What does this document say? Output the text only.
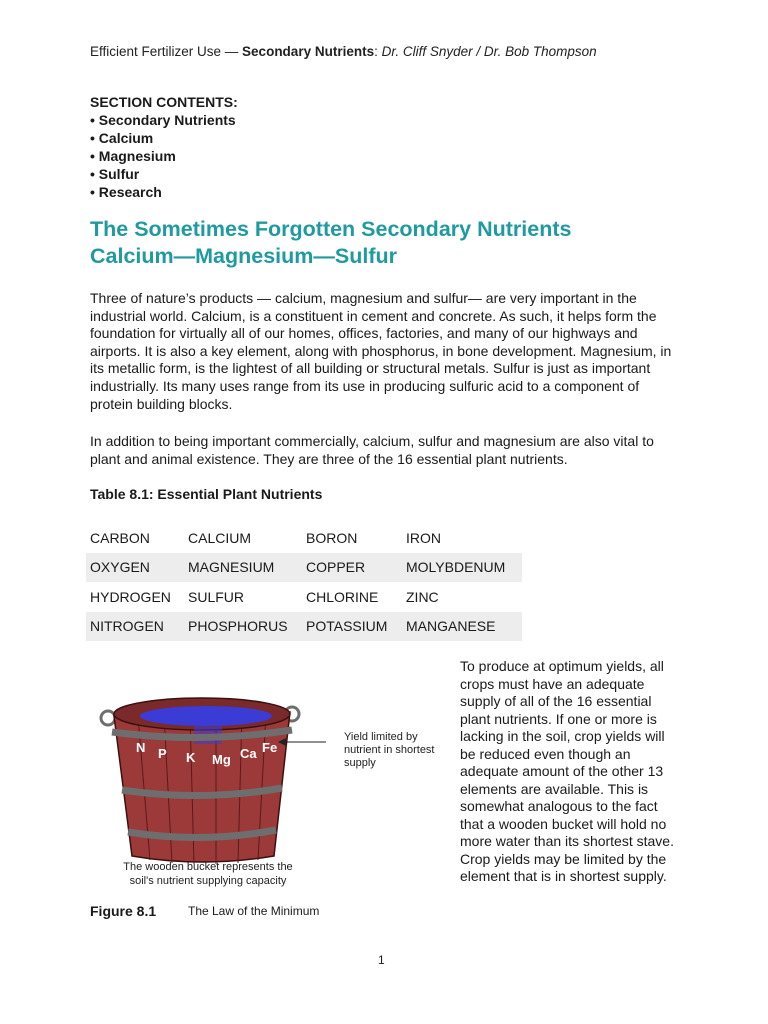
Efficient Fertilizer Use — Secondary Nutrients: Dr. Cliff Snyder / Dr. Bob Thompson
SECTION CONTENTS:
• Secondary Nutrients
• Calcium
• Magnesium
• Sulfur
• Research
The Sometimes Forgotten Secondary Nutrients
Calcium—Magnesium—Sulfur
Three of nature’s products — calcium, magnesium and sulfur— are very important in the industrial world. Calcium, is a constituent in cement and concrete. As such, it helps form the foundation for virtually all of our homes, offices, factories, and many of our highways and airports. It is also a key element, along with phosphorus, in bone development. Magnesium, in its metallic form, is the lightest of all building or structural metals. Sulfur is just as important industrially. Its many uses range from its use in producing sulfuric acid to a component of protein building blocks.
In addition to being important commercially, calcium, sulfur and magnesium are also vital to plant and animal existence. They are three of the 16 essential plant nutrients.
Table 8.1: Essential Plant Nutrients
CARBON	CALCIUM	BORON	IRON
OXYGEN	MAGNESIUM	COPPER	MOLYBDENUM
HYDROGEN	SULFUR	CHLORINE	ZINC
NITROGEN	PHOSPHORUS	POTASSIUM	MANGANESE
N P K Mg Ca Fe
Yield limited by
nutrient in shortest
supply
The wooden bucket represents the
soil's nutrient supplying capacity
To produce at optimum yields, all crops must have an adequate supply of all of the 16 essential plant nutrients. If one or more is lacking in the soil, crop yields will be reduced even though an adequate amount of the other 13 elements are available. This is somewhat analogous to the fact that a wooden bucket will hold no more water than its shortest stave. Crop yields may be limited by the element that is in shortest supply.
Figure 8.1	The Law of the Minimum
1
